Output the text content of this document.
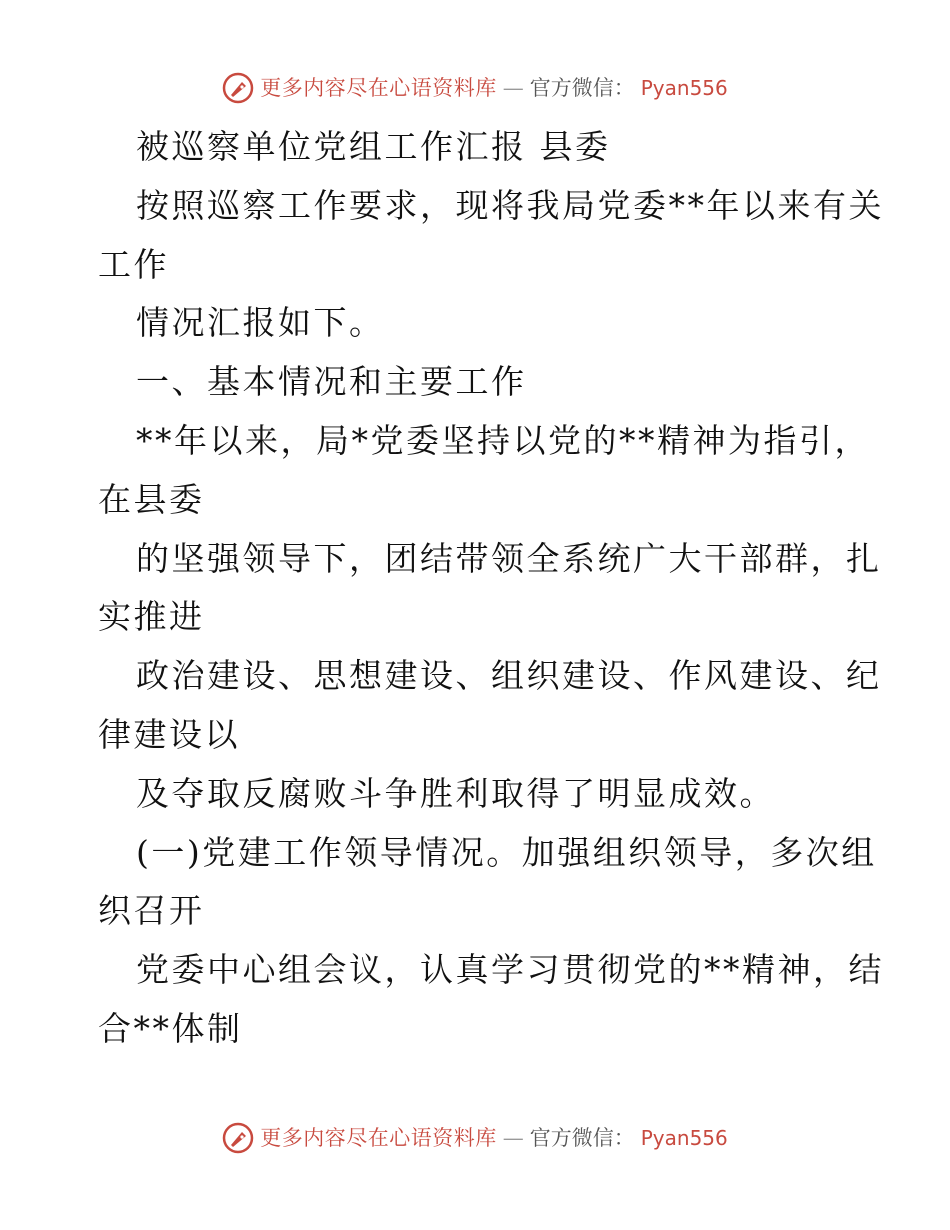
更多内容尽在心语资料库 — 官方微信： Pyan556
被巡察单位党组工作汇报 县委
按照巡察工作要求，现将我局党委**年以来有关
工作
情况汇报如下。
一、基本情况和主要工作
**年以来，局*党委坚持以党的**精神为指引，
在县委
的坚强领导下，团结带领全系统广大干部群，扎
实推进
政治建设、思想建设、组织建设、作风建设、纪
律建设以
及夺取反腐败斗争胜利取得了明显成效。
(一)党建工作领导情况。加强组织领导，多次组
织召开
党委中心组会议，认真学习贯彻党的**精神，结
合**体制
更多内容尽在心语资料库 — 官方微信： Pyan556
